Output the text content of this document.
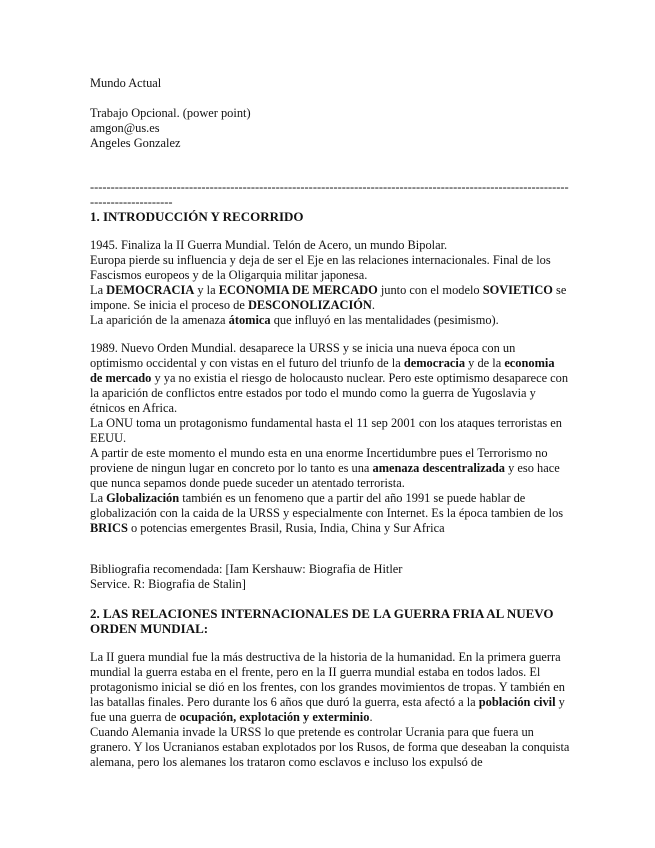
Mundo Actual
Trabajo Opcional. (power point)
amgon@us.es
Angeles Gonzalez
----------------------------------------------------------------------------------------------------------------------------------------
1. INTRODUCCIÓN Y RECORRIDO
1945. Finaliza la II Guerra Mundial. Telón de Acero, un mundo Bipolar.
Europa pierde su influencia y deja de ser el Eje en las relaciones internacionales. Final de los Fascismos europeos y de la Oligarquia militar japonesa.
La DEMOCRACIA y la ECONOMIA DE MERCADO junto con el modelo SOVIETICO se impone. Se inicia el proceso de DESCONOLIZACIÓN.
La aparición de la amenaza átomica que influyó en las mentalidades (pesimismo).
1989. Nuevo Orden Mundial. desaparece la URSS y se inicia una nueva época con un optimismo occidental y con vistas en el futuro del triunfo de la democracia y de la economia de mercado y ya no existia el riesgo de holocausto nuclear. Pero este optimismo desaparece con la aparición de conflictos entre estados por todo el mundo como la guerra de Yugoslavia y étnicos en Africa.
La ONU toma un protagonismo fundamental hasta el 11 sep 2001 con los ataques terroristas en EEUU.
A partir de este momento el mundo esta en una enorme Incertidumbre pues el Terrorismo no proviene de ningun lugar en concreto por lo tanto es una amenaza descentralizada y eso hace que nunca sepamos donde puede suceder un atentado terrorista.
La Globalización también es un fenomeno que a partir del año 1991 se puede hablar de globalización con la caida de la URSS y especialmente con Internet. Es la época tambien de los BRICS o potencias emergentes Brasil, Rusia, India, China y Sur Africa
Bibliografia recomendada: [Iam Kershauw: Biografia de Hitler
Service. R: Biografia de Stalin]
2. LAS RELACIONES INTERNACIONALES DE LA GUERRA FRIA AL NUEVO ORDEN MUNDIAL:
La II guera mundial fue la más destructiva de la historia de la humanidad. En la primera guerra mundial la guerra estaba en el frente, pero en la II guerra mundial estaba en todos lados. El protagonismo inicial se dió en los frentes, con los grandes movimientos de tropas. Y también en las batallas finales. Pero durante los 6 años que duró la guerra, esta afectó a la población civil y fue una guerra de ocupación, explotación y exterminio.
Cuando Alemania invade la URSS lo que pretende es controlar Ucrania para que fuera un granero. Y los Ucranianos estaban explotados por los Rusos, de forma que deseaban la conquista alemana, pero los alemanes los trataron como esclavos e incluso los expulsó de
